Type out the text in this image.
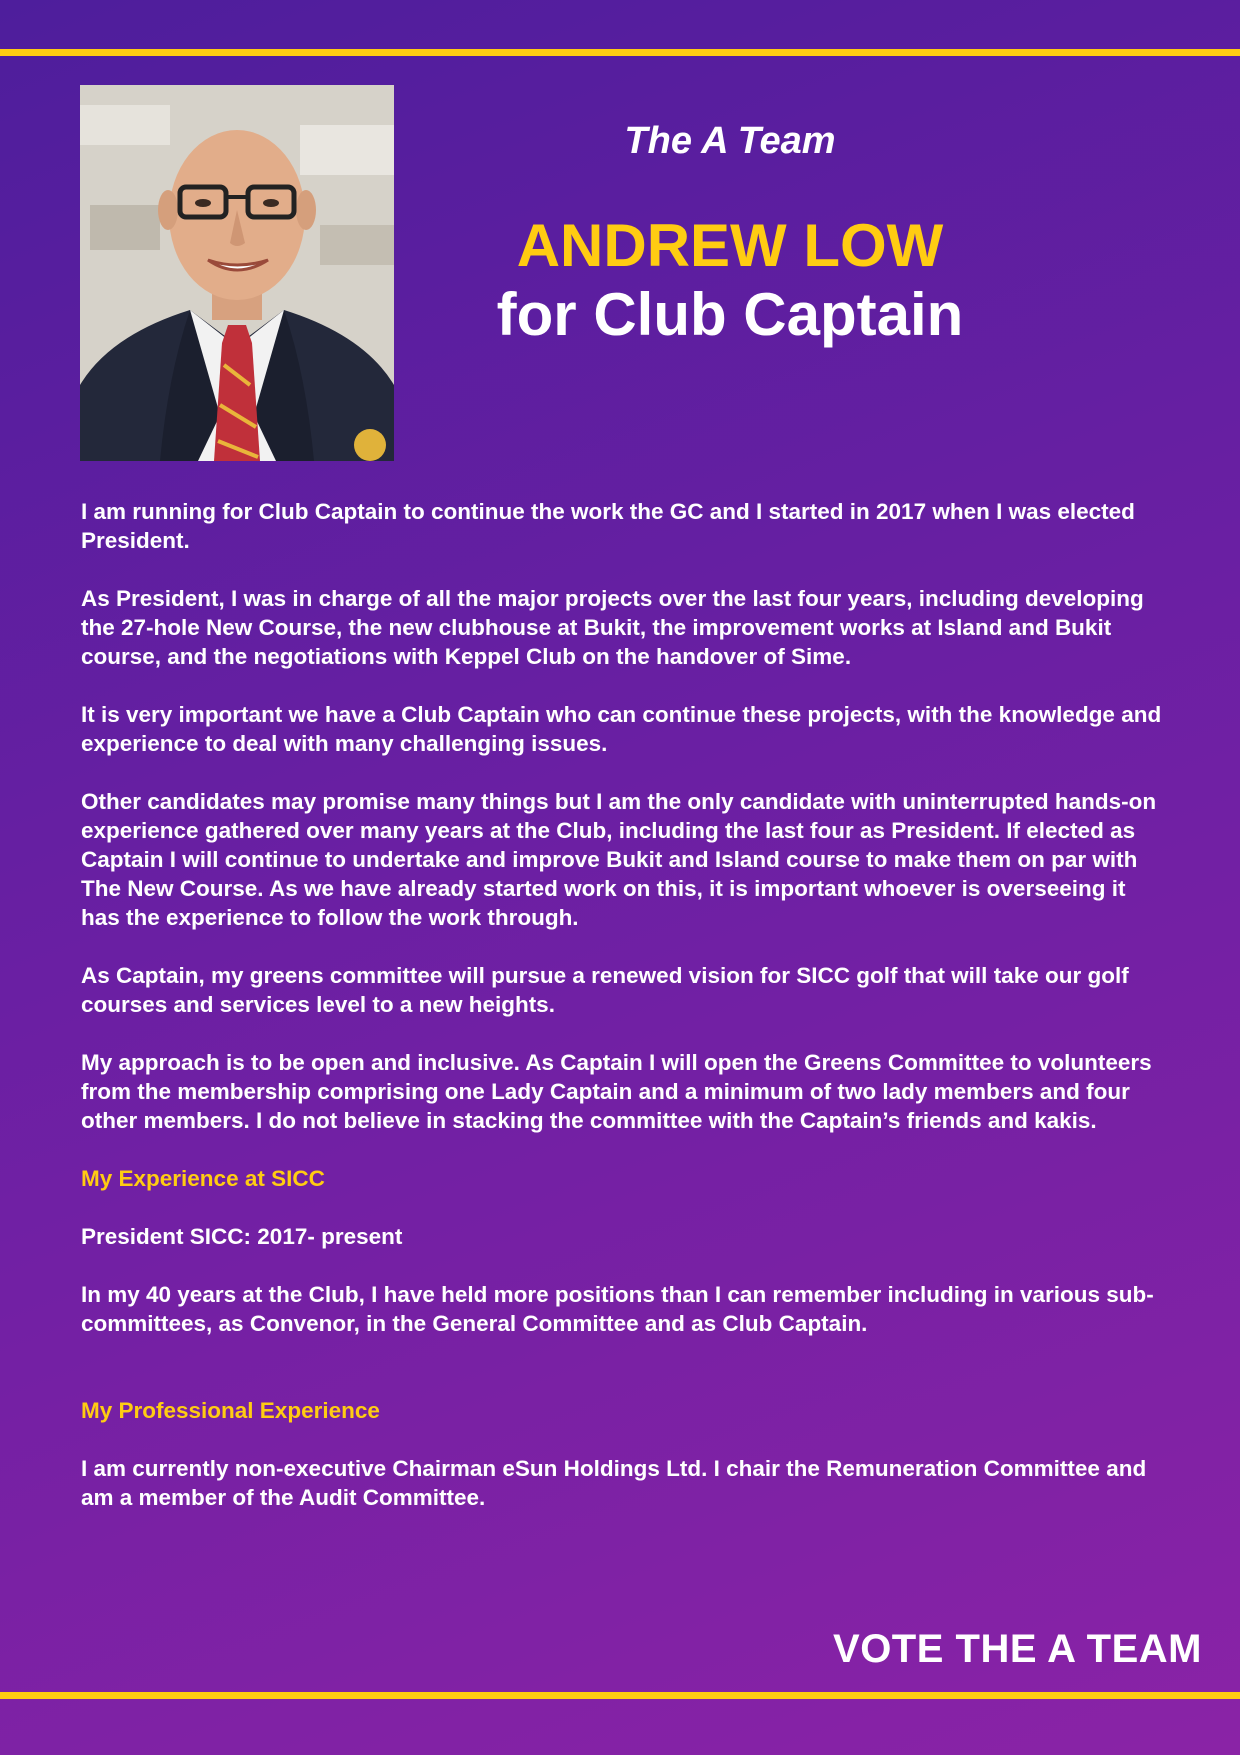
The A Team
ANDREW LOW
for Club Captain

I am running for Club Captain to continue the work the GC and I started in 2017 when I was elected President.

As President, I was in charge of all the major projects over the last four years, including developing the 27-hole New Course, the new clubhouse at Bukit, the improvement works at Island and Bukit course, and the negotiations with Keppel Club on the handover of Sime.

It is very important we have a Club Captain who can continue these projects, with the knowledge and experience to deal with many challenging issues.

Other candidates may promise many things but I am the only candidate with uninterrupted hands-on experience gathered over many years at the Club, including the last four as President. If elected as Captain I will continue to undertake and improve Bukit and Island course to make them on par with The New Course. As we have already started work on this, it is important whoever is overseeing it has the experience to follow the work through.

As Captain, my greens committee will pursue a renewed vision for SICC golf that will take our golf courses and services level to a new heights.

My approach is to be open and inclusive. As Captain I will open the Greens Committee to volunteers from the membership comprising one Lady Captain and a minimum of two lady members and four other members. I do not believe in stacking the committee with the Captain’s friends and kakis.

My Experience at SICC

President SICC: 2017- present

In my 40 years at the Club, I have held more positions than I can remember including in various sub-committees, as Convenor, in the General Committee and as Club Captain.

My Professional Experience

I am currently non-executive Chairman eSun Holdings Ltd. I chair the Remuneration Committee and am a member of the Audit Committee.

VOTE THE A TEAM
